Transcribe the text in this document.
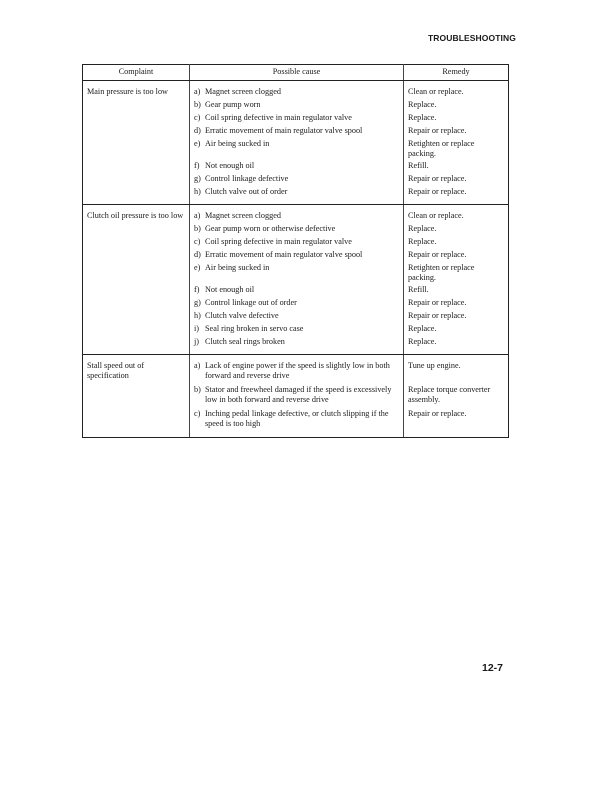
TROUBLESHOOTING
Complaint	Possible cause	Remedy
Main pressure is too low	a) Magnet screen clogged	Clean or replace.

	b) Gear pump worn	Replace.

	c) Coil spring defective in main regulator valve	Replace.

	d) Erratic movement of main regulator valve spool	Repair or replace.

	e) Air being sucked in	Retighten or replace packing.

	f) Not enough oil	Refill.

	g) Control linkage defective	Repair or replace.

	h) Clutch valve out of order	Repair or replace.
Clutch oil pressure is too low	a) Magnet screen clogged	Clean or replace.

	b) Gear pump worn or otherwise defective	Replace.

	c) Coil spring defective in main regulator valve	Replace.

	d) Erratic movement of main regulator valve spool	Repair or replace.

	e) Air being sucked in	Retighten or replace packing.

	f) Not enough oil	Refill.

	g) Control linkage out of order	Repair or replace.

	h) Clutch valve defective	Repair or replace.

	i) Seal ring broken in servo case	Replace.

	j) Clutch seal rings broken	Replace.
Stall speed out of specification	a) Lack of engine power if the speed is slightly low in both forward and reverse drive	Tune up engine.

	b) Stator and freewheel damaged if the speed is excessively low in both forward and reverse drive	Replace torque converter assembly.

	c) Inching pedal linkage defective, or clutch slipping if the speed is too high	Repair or replace.
12-7
